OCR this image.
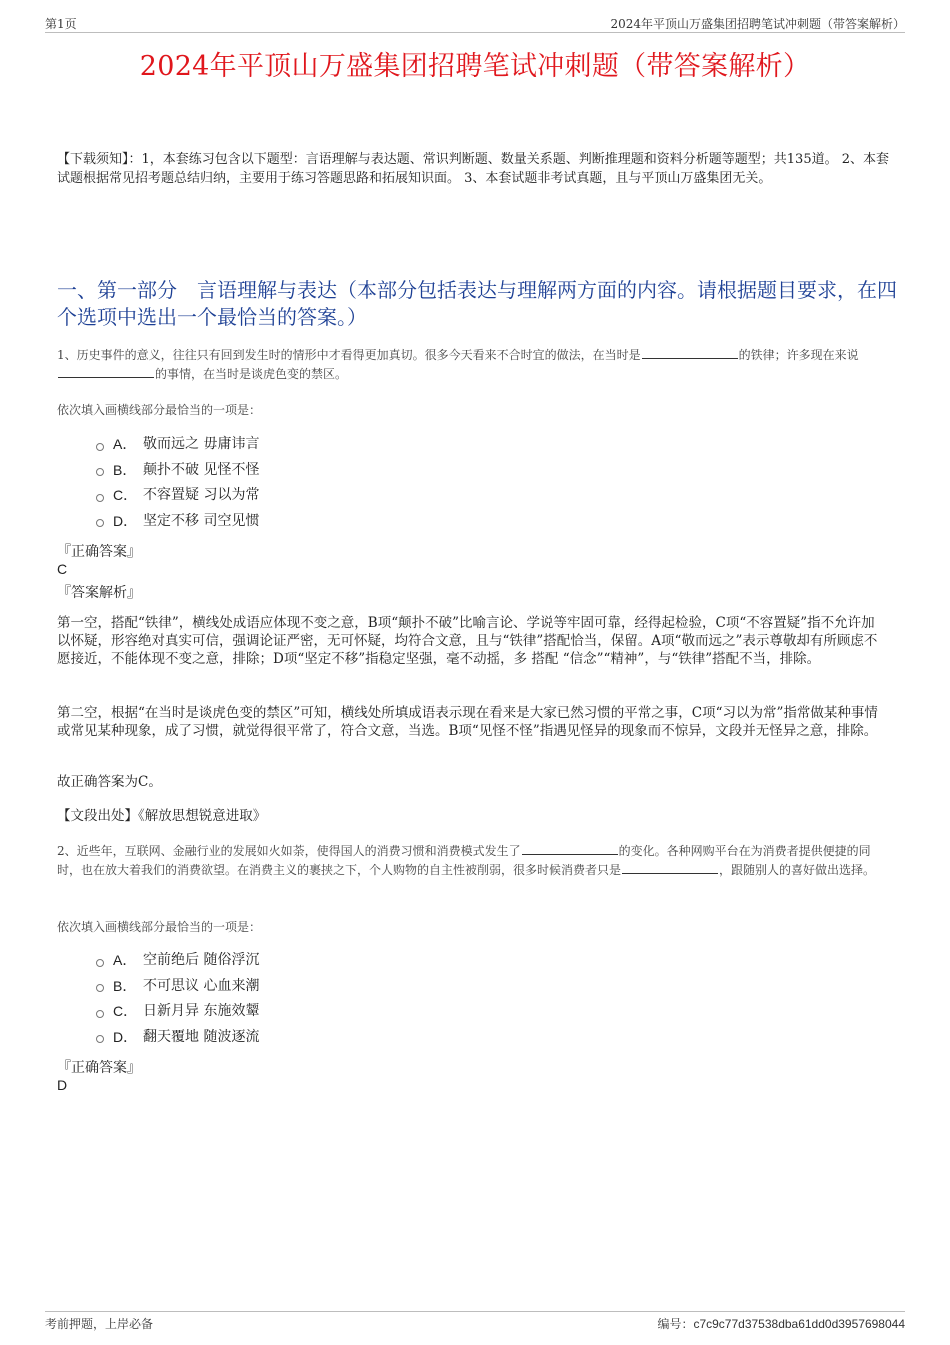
第1页	2024年平顶山万盛集团招聘笔试冲刺题（带答案解析）
2024年平顶山万盛集团招聘笔试冲刺题（带答案解析）
【下载须知】：1，本套练习包含以下题型：言语理解与表达题、常识判断题、数量关系题、判断推理题和资料分析题等题型；共135道。 2、本套试题根据常见招考题总结归纳，主要用于练习答题思路和拓展知识面。 3、本套试题非考试真题，且与平顶山万盛集团无关。
一、第一部分　言语理解与表达（本部分包括表达与理解两方面的内容。请根据题目要求，在四个选项中选出一个最恰当的答案。）
1、历史事件的意义，往往只有回到发生时的情形中才看得更加真切。很多今天看来不合时宜的做法，在当时是	的铁律；许多现在来说的事情，在当时是谈虎色变的禁区。
依次填入画横线部分最恰当的一项是：
A． 敬而远之 毋庸讳言
B． 颠扑不破 见怪不怪
C． 不容置疑 习以为常
D． 坚定不移 司空见惯
『正确答案』
C
『答案解析』
第一空，搭配“铁律”，横线处成语应体现不变之意，B项“颠扑不破”比喻言论、学说等牢固可靠，经得起检验，C项“不容置疑”指不允许加以怀疑，形容绝对真实可信，强调论证严密，无可怀疑，均符合文意，且与“铁律”搭配恰当，保留。A项“敬而远之”表示尊敬却有所顾虑不愿接近，不能体现不变之意，排除；D项“坚定不移”指稳定坚强，毫不动摇，多 搭配 “信念”“精神”，与“铁律”搭配不当，排除。
第二空，根据“在当时是谈虎色变的禁区”可知，横线处所填成语表示现在看来是大家已然习惯的平常之事，C项“习以为常”指常做某种事情或常见某种现象，成了习惯，就觉得很平常了，符合文意，当选。B项“见怪不怪”指遇见怪异的现象而不惊异，文段并无怪异之意，排除。
故正确答案为C。
【文段出处】《解放思想锐意进取》
2、近些年，互联网、金融行业的发展如火如荼，使得国人的消费习惯和消费模式发生了	的变化。各种网购平台在为消费者提供便捷的同时，也在放大着我们的消费欲望。在消费主义的裹挟之下，个人购物的自主性被削弱，很多时候消费者只是	，跟随别人的喜好做出选择。
依次填入画横线部分最恰当的一项是：
A． 空前绝后 随俗浮沉
B． 不可思议 心血来潮
C． 日新月异 东施效颦
D． 翻天覆地 随波逐流
『正确答案』
D
考前押题，上岸必备	编号：c7c9c77d37538dba61dd0d3957698044
